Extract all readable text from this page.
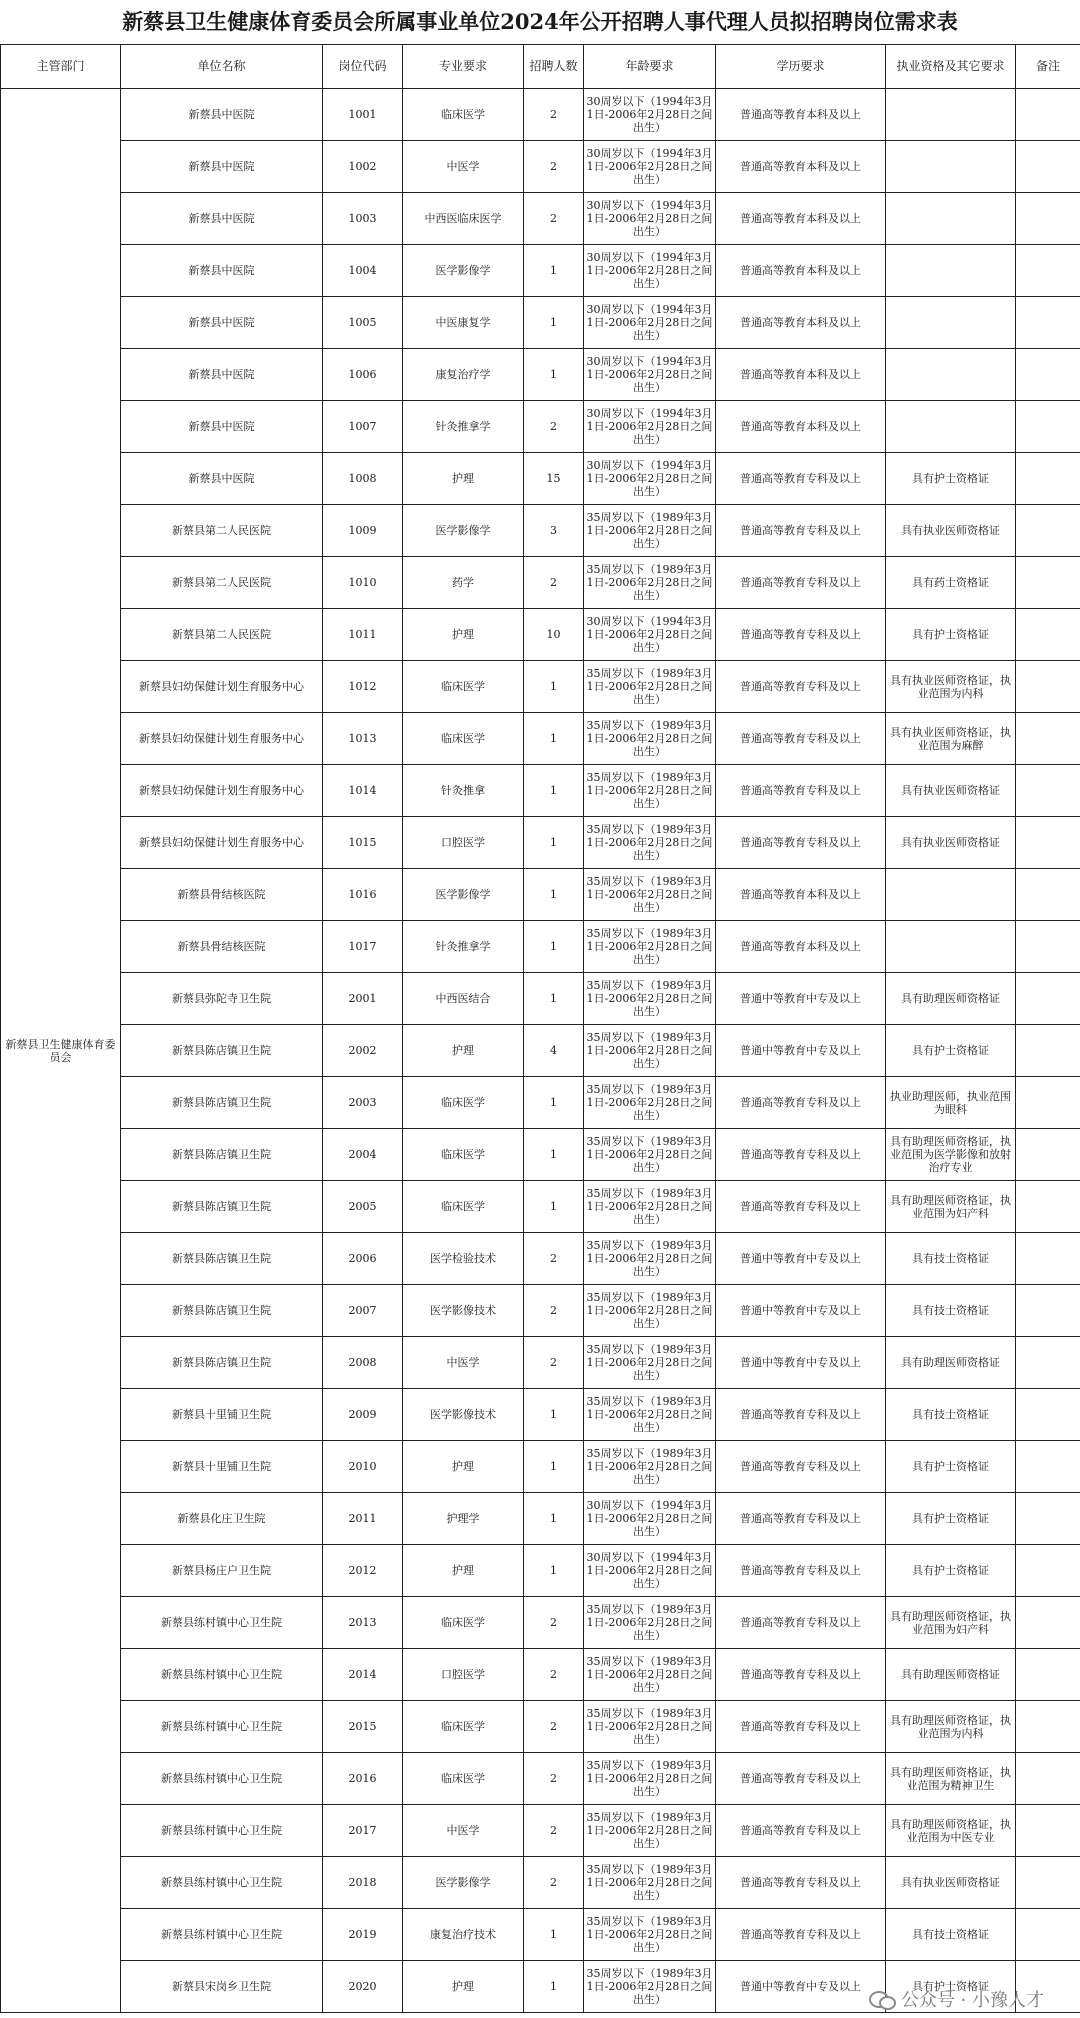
新蔡县卫生健康体育委员会所属事业单位2024年公开招聘人事代理人员拟招聘岗位需求表
主管部门	单位名称	岗位代码	专业要求	招聘人数	年龄要求	学历要求	执业资格及其它要求	备注
新蔡县卫生健康体育委员会	新蔡县中医院	1001	临床医学	2	30周岁以下（1994年3月1日-2006年2月28日之间出生）	普通高等教育本科及以上		
	新蔡县中医院	1002	中医学	2	30周岁以下（1994年3月1日-2006年2月28日之间出生）	普通高等教育本科及以上		
	新蔡县中医院	1003	中西医临床医学	2	30周岁以下（1994年3月1日-2006年2月28日之间出生）	普通高等教育本科及以上		
	新蔡县中医院	1004	医学影像学	1	30周岁以下（1994年3月1日-2006年2月28日之间出生）	普通高等教育本科及以上		
	新蔡县中医院	1005	中医康复学	1	30周岁以下（1994年3月1日-2006年2月28日之间出生）	普通高等教育本科及以上		
	新蔡县中医院	1006	康复治疗学	1	30周岁以下（1994年3月1日-2006年2月28日之间出生）	普通高等教育本科及以上		
	新蔡县中医院	1007	针灸推拿学	2	30周岁以下（1994年3月1日-2006年2月28日之间出生）	普通高等教育本科及以上		
	新蔡县中医院	1008	护理	15	30周岁以下（1994年3月1日-2006年2月28日之间出生）	普通高等教育专科及以上	具有护士资格证	
	新蔡县第二人民医院	1009	医学影像学	3	35周岁以下（1989年3月1日-2006年2月28日之间出生）	普通高等教育专科及以上	具有执业医师资格证	
	新蔡县第二人民医院	1010	药学	2	35周岁以下（1989年3月1日-2006年2月28日之间出生）	普通高等教育专科及以上	具有药士资格证	
	新蔡县第二人民医院	1011	护理	10	30周岁以下（1994年3月1日-2006年2月28日之间出生）	普通高等教育专科及以上	具有护士资格证	
	新蔡县妇幼保健计划生育服务中心	1012	临床医学	1	35周岁以下（1989年3月1日-2006年2月28日之间出生）	普通高等教育专科及以上	具有执业医师资格证，执业范围为内科	
	新蔡县妇幼保健计划生育服务中心	1013	临床医学	1	35周岁以下（1989年3月1日-2006年2月28日之间出生）	普通高等教育专科及以上	具有执业医师资格证，执业范围为麻醉	
	新蔡县妇幼保健计划生育服务中心	1014	针灸推拿	1	35周岁以下（1989年3月1日-2006年2月28日之间出生）	普通高等教育专科及以上	具有执业医师资格证	
	新蔡县妇幼保健计划生育服务中心	1015	口腔医学	1	35周岁以下（1989年3月1日-2006年2月28日之间出生）	普通高等教育专科及以上	具有执业医师资格证	
	新蔡县骨结核医院	1016	医学影像学	1	35周岁以下（1989年3月1日-2006年2月28日之间出生）	普通高等教育本科及以上		
	新蔡县骨结核医院	1017	针灸推拿学	1	35周岁以下（1989年3月1日-2006年2月28日之间出生）	普通高等教育本科及以上		
	新蔡县弥陀寺卫生院	2001	中西医结合	1	35周岁以下（1989年3月1日-2006年2月28日之间出生）	普通中等教育中专及以上	具有助理医师资格证	
	新蔡县陈店镇卫生院	2002	护理	4	35周岁以下（1989年3月1日-2006年2月28日之间出生）	普通中等教育中专及以上	具有护士资格证	
	新蔡县陈店镇卫生院	2003	临床医学	1	35周岁以下（1989年3月1日-2006年2月28日之间出生）	普通高等教育专科及以上	执业助理医师，执业范围为眼科	
	新蔡县陈店镇卫生院	2004	临床医学	1	35周岁以下（1989年3月1日-2006年2月28日之间出生）	普通高等教育专科及以上	具有助理医师资格证，执业范围为医学影像和放射治疗专业	
	新蔡县陈店镇卫生院	2005	临床医学	1	35周岁以下（1989年3月1日-2006年2月28日之间出生）	普通高等教育专科及以上	具有助理医师资格证，执业范围为妇产科	
	新蔡县陈店镇卫生院	2006	医学检验技术	2	35周岁以下（1989年3月1日-2006年2月28日之间出生）	普通中等教育中专及以上	具有技士资格证	
	新蔡县陈店镇卫生院	2007	医学影像技术	2	35周岁以下（1989年3月1日-2006年2月28日之间出生）	普通中等教育中专及以上	具有技士资格证	
	新蔡县陈店镇卫生院	2008	中医学	2	35周岁以下（1989年3月1日-2006年2月28日之间出生）	普通中等教育中专及以上	具有助理医师资格证	
	新蔡县十里铺卫生院	2009	医学影像技术	1	35周岁以下（1989年3月1日-2006年2月28日之间出生）	普通高等教育专科及以上	具有技士资格证	
	新蔡县十里铺卫生院	2010	护理	1	35周岁以下（1989年3月1日-2006年2月28日之间出生）	普通高等教育专科及以上	具有护士资格证	
	新蔡县化庄卫生院	2011	护理学	1	30周岁以下（1994年3月1日-2006年2月28日之间出生）	普通高等教育专科及以上	具有护士资格证	
	新蔡县杨庄户卫生院	2012	护理	1	30周岁以下（1994年3月1日-2006年2月28日之间出生）	普通高等教育专科及以上	具有护士资格证	
	新蔡县练村镇中心卫生院	2013	临床医学	2	35周岁以下（1989年3月1日-2006年2月28日之间出生）	普通高等教育专科及以上	具有助理医师资格证，执业范围为妇产科	
	新蔡县练村镇中心卫生院	2014	口腔医学	2	35周岁以下（1989年3月1日-2006年2月28日之间出生）	普通高等教育专科及以上	具有助理医师资格证	
	新蔡县练村镇中心卫生院	2015	临床医学	2	35周岁以下（1989年3月1日-2006年2月28日之间出生）	普通高等教育专科及以上	具有助理医师资格证，执业范围为内科	
	新蔡县练村镇中心卫生院	2016	临床医学	2	35周岁以下（1989年3月1日-2006年2月28日之间出生）	普通高等教育专科及以上	具有助理医师资格证，执业范围为精神卫生	
	新蔡县练村镇中心卫生院	2017	中医学	2	35周岁以下（1989年3月1日-2006年2月28日之间出生）	普通高等教育专科及以上	具有助理医师资格证，执业范围为中医专业	
	新蔡县练村镇中心卫生院	2018	医学影像学	2	35周岁以下（1989年3月1日-2006年2月28日之间出生）	普通高等教育专科及以上	具有执业医师资格证	
	新蔡县练村镇中心卫生院	2019	康复治疗技术	1	35周岁以下（1989年3月1日-2006年2月28日之间出生）	普通高等教育专科及以上	具有技士资格证	
	新蔡县宋岗乡卫生院	2020	护理	1	35周岁以下（1989年3月1日-2006年2月28日之间出生）	普通中等教育中专及以上	具有护士资格证	
公众号 · 小豫人才
